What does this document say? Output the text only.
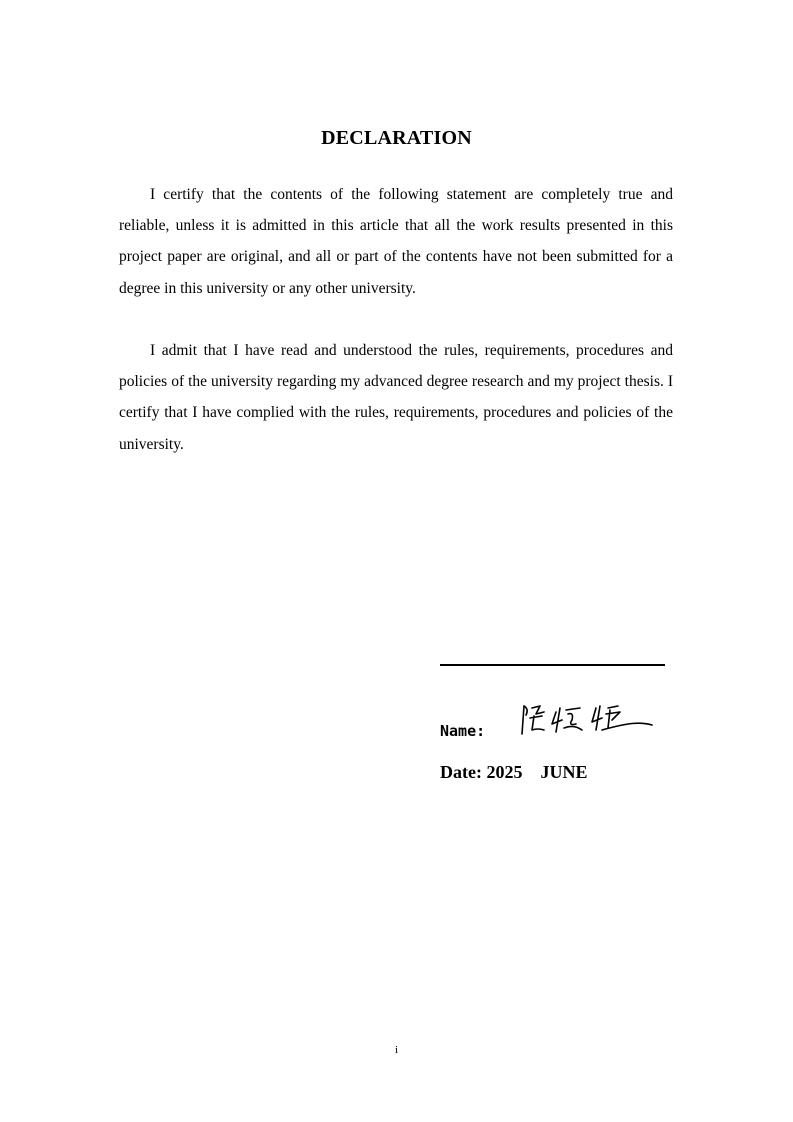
DECLARATION

I certify that the contents of the following statement are completely true and reliable, unless it is admitted in this article that all the work results presented in this project paper are original, and all or part of the contents have not been submitted for a degree in this university or any other university.

I admit that I have read and understood the rules, requirements, procedures and policies of the university regarding my advanced degree research and my project thesis. I certify that I have complied with the rules, requirements, procedures and policies of the university.

Name:
Date: 2025    JUNE
i
